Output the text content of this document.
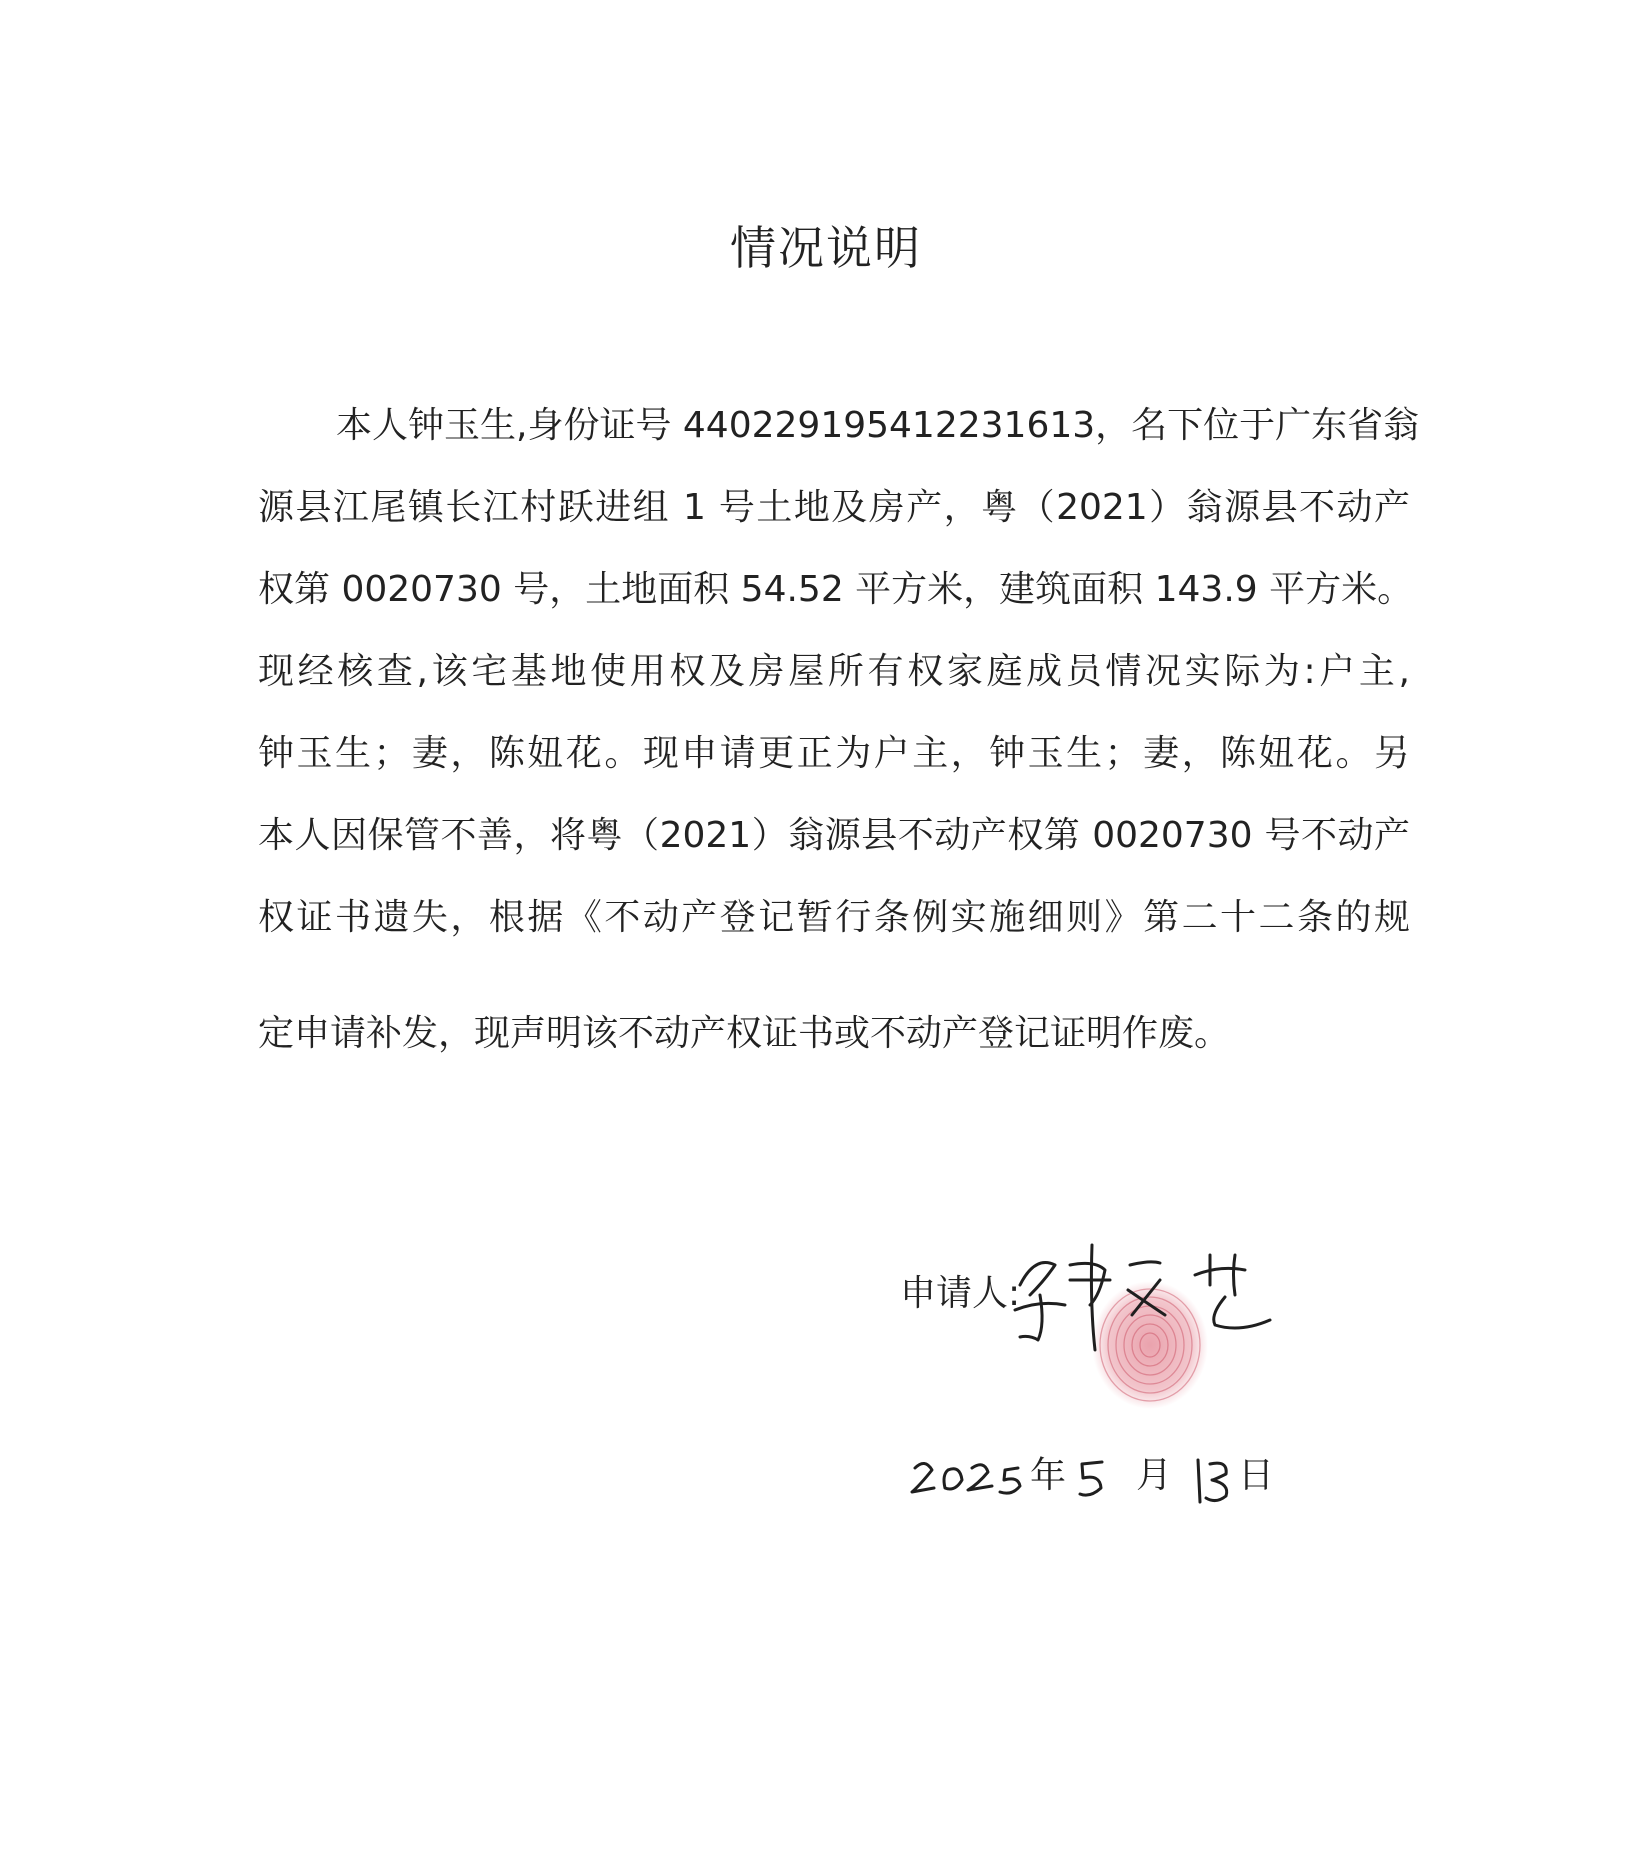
情况说明
本人钟玉生,身份证号 440229195412231613，名下位于广东省翁
源县江尾镇长江村跃进组 1 号土地及房产，粤（2021）翁源县不动产
权第 0020730 号，土地面积 54.52 平方米，建筑面积 143.9 平方米。
现经核查,该宅基地使用权及房屋所有权家庭成员情况实际为:户主,
钟玉生；妻，陈妞花。现申请更正为户主，钟玉生；妻，陈妞花。另
本人因保管不善，将粤（2021）翁源县不动产权第 0020730 号不动产
权证书遗失，根据《不动产登记暂行条例实施细则》第二十二条的规
定申请补发，现声明该不动产权证书或不动产登记证明作废。
申请人:
年 月 日
